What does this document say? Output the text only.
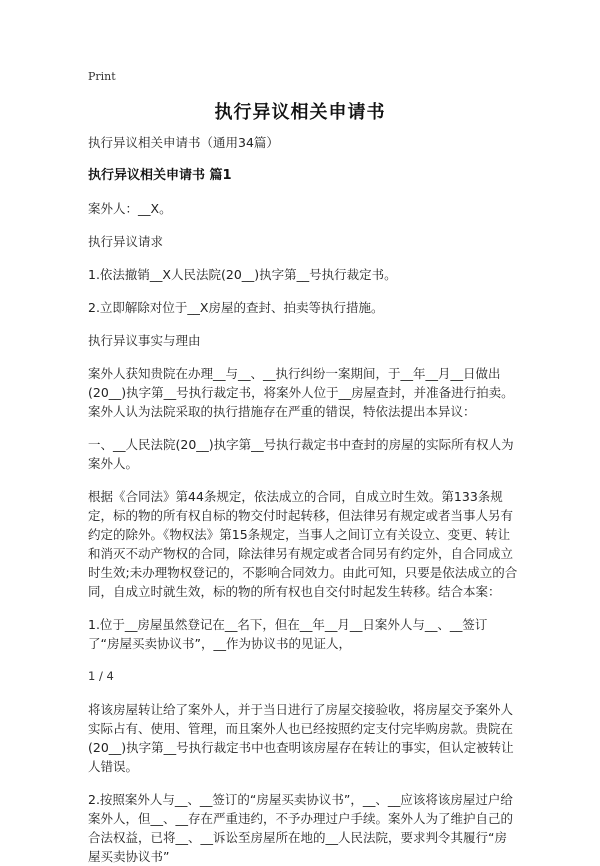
Print
执行异议相关申请书

执行异议相关申请书（通用34篇）

执行异议相关申请书 篇1

案外人：__X。

执行异议请求

1.依法撤销__X人民法院(20__)执字第__号执行裁定书。

2.立即解除对位于__X房屋的查封、拍卖等执行措施。

执行异议事实与理由

案外人获知贵院在办理__与__、__执行纠纷一案期间，于__年__月__日做出(20__)执字第__号执行裁定书，将案外人位于__房屋查封，并准备进行拍卖。案外人认为法院采取的执行措施存在严重的错误，特依法提出本异议：

一、__人民法院(20__)执字第__号执行裁定书中查封的房屋的实际所有权人为案外人。

根据《合同法》第44条规定，依法成立的合同，自成立时生效。第133条规定，标的物的所有权自标的物交付时起转移，但法律另有规定或者当事人另有约定的除外。《物权法》第15条规定，当事人之间订立有关设立、变更、转让和消灭不动产物权的合同，除法律另有规定或者合同另有约定外，自合同成立时生效;未办理物权登记的，不影响合同效力。由此可知，只要是依法成立的合同，自成立时就生效，标的物的所有权也自交付时起发生转移。结合本案：

1.位于__房屋虽然登记在__名下，但在__年__月__日案外人与__、__签订了“房屋买卖协议书”，__作为协议书的见证人，

1 / 4

将该房屋转让给了案外人，并于当日进行了房屋交接验收，将房屋交予案外人实际占有、使用、管理，而且案外人也已经按照约定支付完毕购房款。贵院在(20__)执字第__号执行裁定书中也查明该房屋存在转让的事实，但认定被转让人错误。

2.按照案外人与__、__签订的“房屋买卖协议书”，__、__应该将该房屋过户给案外人，但__、__存在严重违约，不予办理过户手续。案外人为了维护自己的合法权益，已将__、__诉讼至房屋所在地的__人民法院，要求判令其履行“房屋买卖协议书”
